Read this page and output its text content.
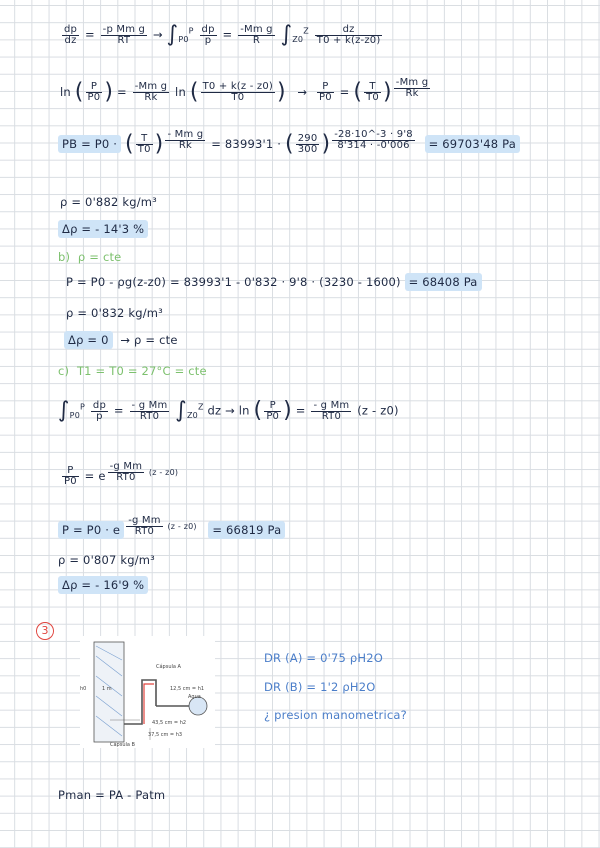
$\frac{dp}{dz} = \frac{\text{-p Mm g}}{RT} \to \int_{P0}^P \frac{dp}{p} = \frac{\text{-Mm g}}{R} \int_{Z0}^Z \frac{dz}{T0 + k(z-z0)}$
ln ( $\frac{P}{P0}$ ) = $\frac{\text{-Mm g}}{Rk}$ ln ( $\frac{T0 + k(z - z0)}{T0}$ )   → $\frac{P}{P0}$ = ( $\frac{T}{T0}$ ) $^{\frac{\text{-Mm g}}{Rk}}$
PB = P0 · ( $\frac{T}{T0}$ ) $^{\frac{\text{- Mm g}}{Rk}}$ = 83993'1 · ( $\frac{290}{300}$ ) $^{\frac{-28\cdot 10\^{}-3 \cdot 9'8}{8'314 \cdot -0'006}}$ = 69703'48 Pa
ρ = 0'882 kg/m³
Δρ = - 14'3 %
b) ρ = cte
P = P0 - ρg(z-z0) = 83993'1 - 0'832 · 9'8 · (3230 - 1600) = 68408 Pa
ρ = 0'832 kg/m³
Δρ = 0 → ρ = cte
c) T1 = T0 = 27°C = cte
$\int_{P0}^P \frac{dp}{p} = \frac{\text{- g Mm}}{RT0} \int_{Z0}^Z$ dz → ln ( $\frac{P}{P0}$ ) = $\frac{\text{- g Mm}}{RT0} (z - z0)$
$\frac{P}{P0} = e$ $^{\frac{\text{-g Mm}}{RT0} (z - z0)}$
P = P0 · e $^{\frac{\text{-g Mm}}{RT0} (z - z0)}$ = 66819 Pa
ρ = 0'807 kg/m³
Δρ = - 16'9 %
3
Cápsula A
h0	1 m	12,5 cm = h1
Agua
43,5 cm = h2
37,5 cm = h3
Cápsula B
DR (A) = 0'75 ρH2O
DR (B) = 1'2 ρH2O
¿ presion manometrica?
Pman = PA - Patm
